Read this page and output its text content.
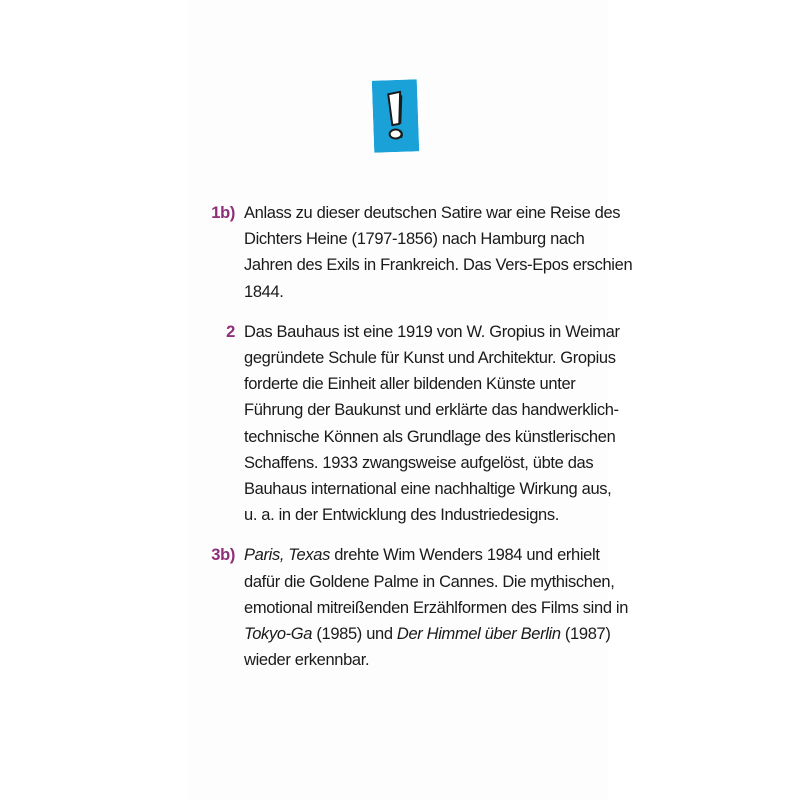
1b) Anlass zu dieser deutschen Satire war eine Reise des
Dichters Heine (1797-1856) nach Hamburg nach
Jahren des Exils in Frankreich. Das Vers-Epos erschien
1844.
2 Das Bauhaus ist eine 1919 von W. Gropius in Weimar
gegründete Schule für Kunst und Architektur. Gropius
forderte die Einheit aller bildenden Künste unter
Führung der Baukunst und erklärte das handwerklich-
technische Können als Grundlage des künstlerischen
Schaffens. 1933 zwangsweise aufgelöst, übte das
Bauhaus international eine nachhaltige Wirkung aus,
u. a. in der Entwicklung des Industriedesigns.
3b) Paris, Texas drehte Wim Wenders 1984 und erhielt
dafür die Goldene Palme in Cannes. Die mythischen,
emotional mitreißenden Erzählformen des Films sind in
Tokyo-Ga (1985) und Der Himmel über Berlin (1987)
wieder erkennbar.
